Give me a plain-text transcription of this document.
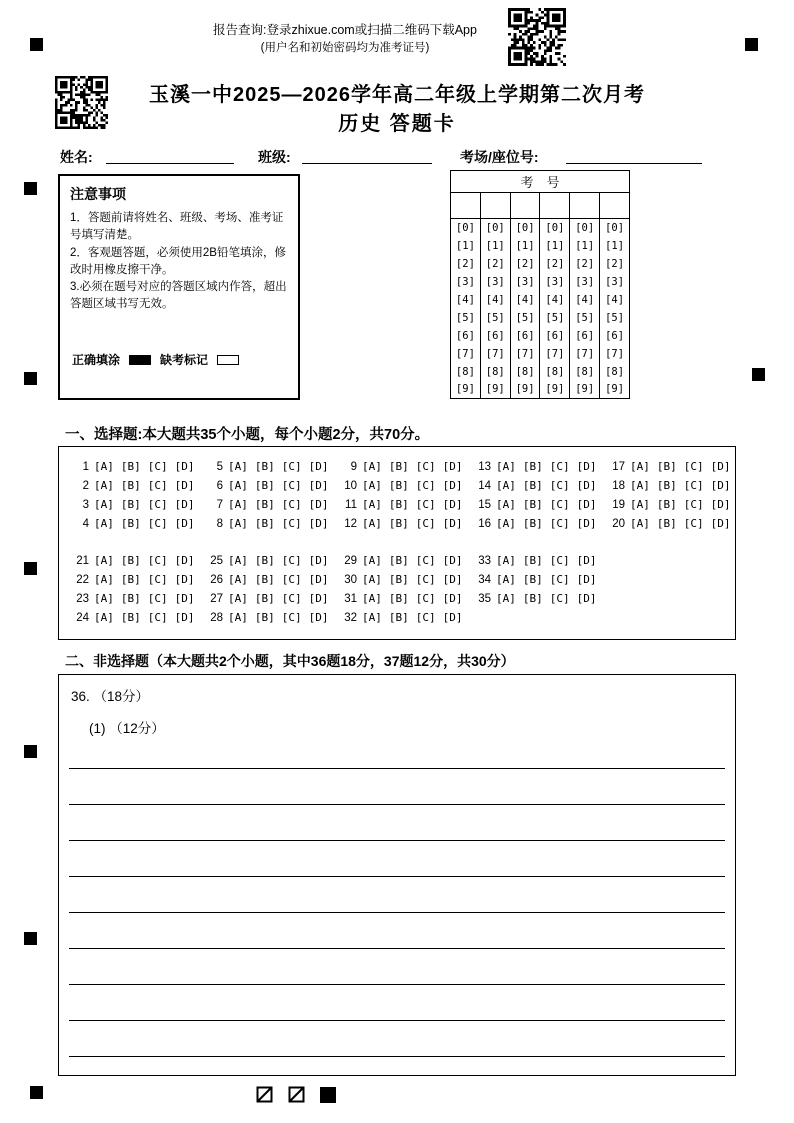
报告查询:登录zhixue.com或扫描二维码下载App
(用户名和初始密码均为准考证号)
玉溪一中2025—2026学年高二年级上学期第二次月考
历史 答题卡
姓名:	班级:	考场/座位号:
注意事项
1．答题前请将姓名、班级、考场、准考证号填写清楚。
2．客观题答题，必须使用2B铅笔填涂，修改时用橡皮擦干净。
3.必须在题号对应的答题区域内作答，超出答题区域书写无效。
正确填涂	缺考标记
考　号					

[0]	[0]	[0]	[0]	[0]	[0]
[1]	[1]	[1]	[1]	[1]	[1]
[2]	[2]	[2]	[2]	[2]	[2]
[3]	[3]	[3]	[3]	[3]	[3]
[4]	[4]	[4]	[4]	[4]	[4]
[5]	[5]	[5]	[5]	[5]	[5]
[6]	[6]	[6]	[6]	[6]	[6]
[7]	[7]	[7]	[7]	[7]	[7]
[8]	[8]	[8]	[8]	[8]	[8]
[9]	[9]	[9]	[9]	[9]	[9]
一、选择题:本大题共35个小题，每个小题2分，共70分。
1 [A] [B] [C] [D]	5 [A] [B] [C] [D]	9 [A] [B] [C] [D]	13 [A] [B] [C] [D]	17 [A] [B] [C] [D]
2 [A] [B] [C] [D]	6 [A] [B] [C] [D]	10 [A] [B] [C] [D]	14 [A] [B] [C] [D]	18 [A] [B] [C] [D]
3 [A] [B] [C] [D]	7 [A] [B] [C] [D]	11 [A] [B] [C] [D]	15 [A] [B] [C] [D]	19 [A] [B] [C] [D]
4 [A] [B] [C] [D]	8 [A] [B] [C] [D]	12 [A] [B] [C] [D]	16 [A] [B] [C] [D]	20 [A] [B] [C] [D]
21 [A] [B] [C] [D]	25 [A] [B] [C] [D]	29 [A] [B] [C] [D]	33 [A] [B] [C] [D]
22 [A] [B] [C] [D]	26 [A] [B] [C] [D]	30 [A] [B] [C] [D]	34 [A] [B] [C] [D]
23 [A] [B] [C] [D]	27 [A] [B] [C] [D]	31 [A] [B] [C] [D]	35 [A] [B] [C] [D]
24 [A] [B] [C] [D]	28 [A] [B] [C] [D]	32 [A] [B] [C] [D]
二、非选择题（本大题共2个小题，其中36题18分，37题12分，共30分）
36. （18分）
(1) （12分）
